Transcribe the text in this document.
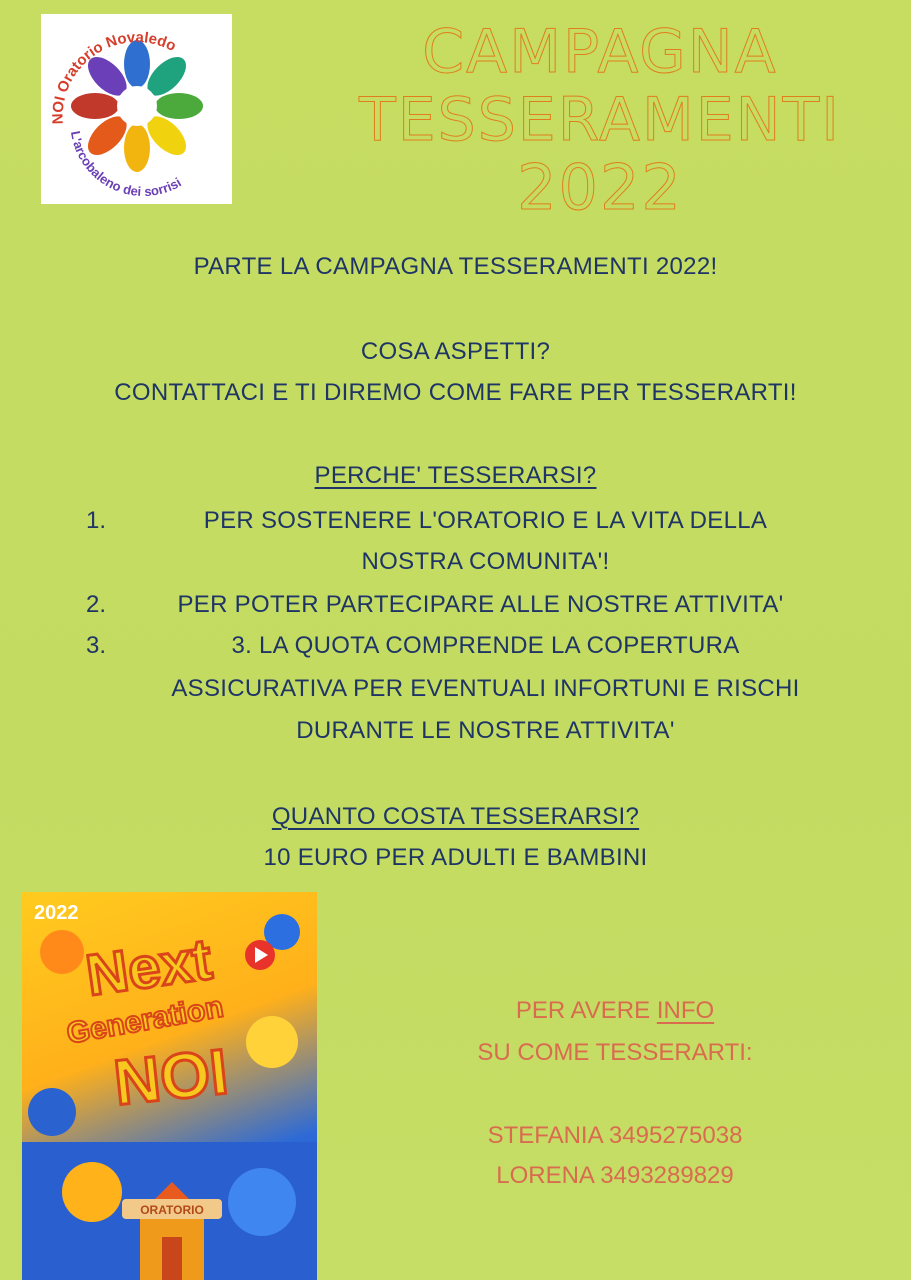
NOI Oratorio Novaledo
L'arcobaleno dei sorrisi
CAMPAGNA
TESSERAMENTI
2022
PARTE LA CAMPAGNA TESSERAMENTI 2022!
COSA ASPETTI?
CONTATTACI E TI DIREMO COME FARE PER TESSERARTI!
PERCHE' TESSERARSI?
1.	PER SOSTENERE L'ORATORIO E LA VITA DELLA
NOSTRA COMUNITA'!
2.	PER POTER PARTECIPARE ALLE NOSTRE ATTIVITA'
3.	3. LA QUOTA COMPRENDE LA COPERTURA
ASSICURATIVA PER EVENTUALI INFORTUNI E RISCHI
DURANTE LE NOSTRE ATTIVITA'
QUANTO COSTA TESSERARSI?
10 EURO PER ADULTI E BAMBINI
2022
Next
Generation
NOI
ORATORIO
PER AVERE INFO
SU COME TESSERARTI:
STEFANIA 3495275038
LORENA 3493289829
